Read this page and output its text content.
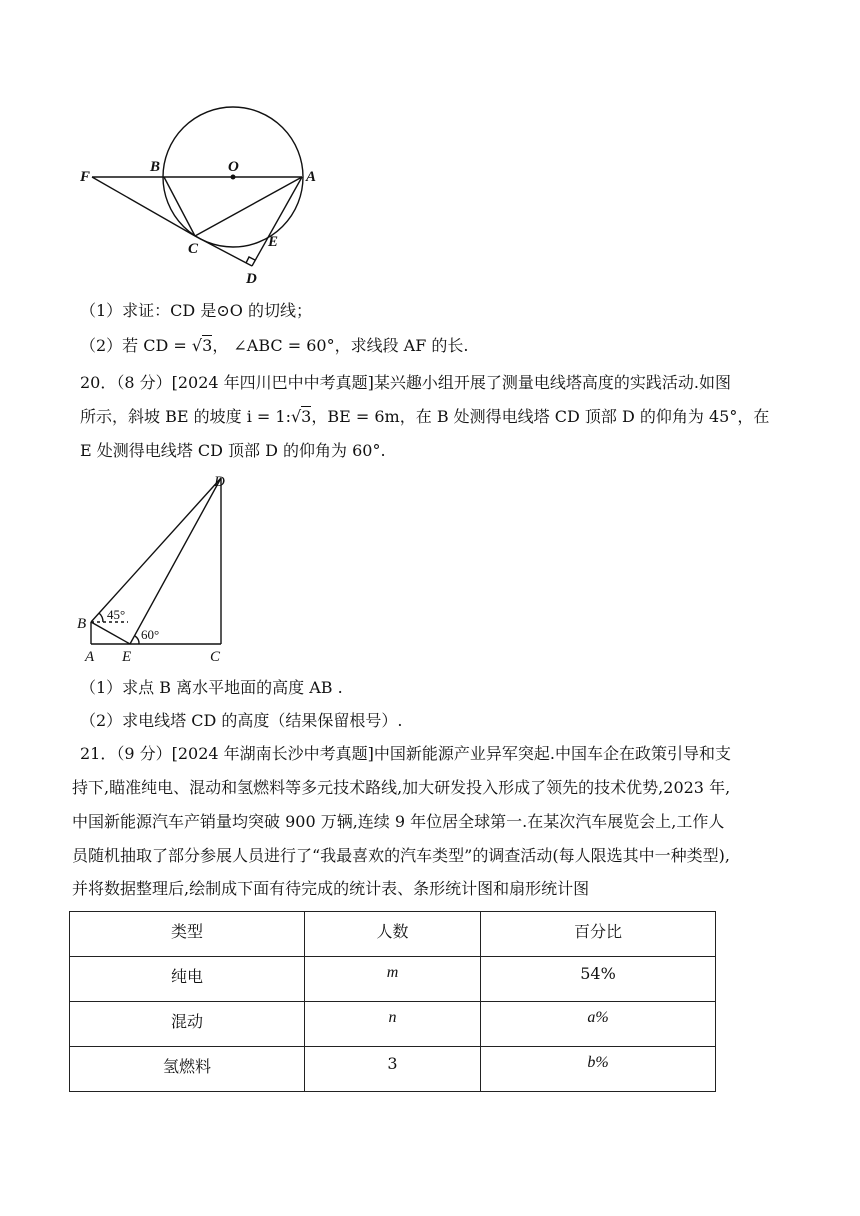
F
B	O
A
C	E
D
（1）求证：CD 是⊙O 的切线；
（2）若 CD = √3， ∠ABC = 60°，求线段 AF 的长.
20．（8 分）[2024 年四川巴中中考真题]某兴趣小组开展了测量电线塔高度的实践活动.如图
所示，斜坡 BE 的坡度 i = 1:√3，BE = 6m，在 B 处测得电线塔 CD 顶部 D 的仰角为 45°，在
E 处测得电线塔 CD 顶部 D 的仰角为 60°.
D
B
A E	C
45°
60°
（1）求点 B 离水平地面的高度 AB .
（2）求电线塔 CD 的高度（结果保留根号）.
21．（9 分）[2024 年湖南长沙中考真题]中国新能源产业异军突起.中国车企在政策引导和支
持下,瞄准纯电、混动和氢燃料等多元技术路线,加大研发投入形成了领先的技术优势,2023 年,
中国新能源汽车产销量均突破 900 万辆,连续 9 年位居全球第一.在某次汽车展览会上,工作人
员随机抽取了部分参展人员进行了“我最喜欢的汽车类型”的调查活动(每人限选其中一种类型),
并将数据整理后,绘制成下面有待完成的统计表、条形统计图和扇形统计图
类型	人数	百分比
纯电	m	54%
混动	n	a%
氢燃料	3	b%
